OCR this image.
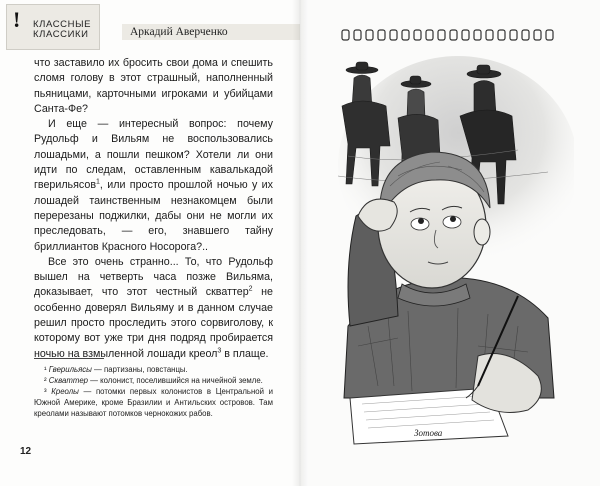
! КЛАССНЫЕ
КЛАССИКИ	Аркадий Аверченко

что заставило их бросить свои дома и спешить сломя голову в этот страшный, наполненный пьяницами, карточными игроками и убийцами Санта-Фе?

И еще — интересный вопрос: почему Рудольф и Вильям не воспользовались лошадьми, а пошли пешком? Хотели ли они идти по следам, оставленным кавалькадой гверильясов$^1$, или просто прошлой ночью у их лошадей таинственным незнакомцем были перерезаны поджилки, дабы они не могли их преследовать, — его, знавшего тайну бриллиантов Красного Носорога?..

Все это очень странно... То, что Рудольф вышел на четверть часа позже Вильяма, доказывает, что этот честный скваттер$^2$ не особенно доверял Вильяму и в данном случае решил просто проследить этого сорвиголову, к которому вот уже три дня подряд пробирается ночью на взмыленной лошади креол$^3$ в плаще.

¹ Гверильясы — партизаны, повстанцы.

² Скваттер — колонист, поселившийся на ничейной земле.

³ Креолы — потомки первых колонистов в Центральной и Южной Америке, кроме Бразилии и Антильских островов. Там креолами называют потомков чернокожих рабов.

12
Зотова
